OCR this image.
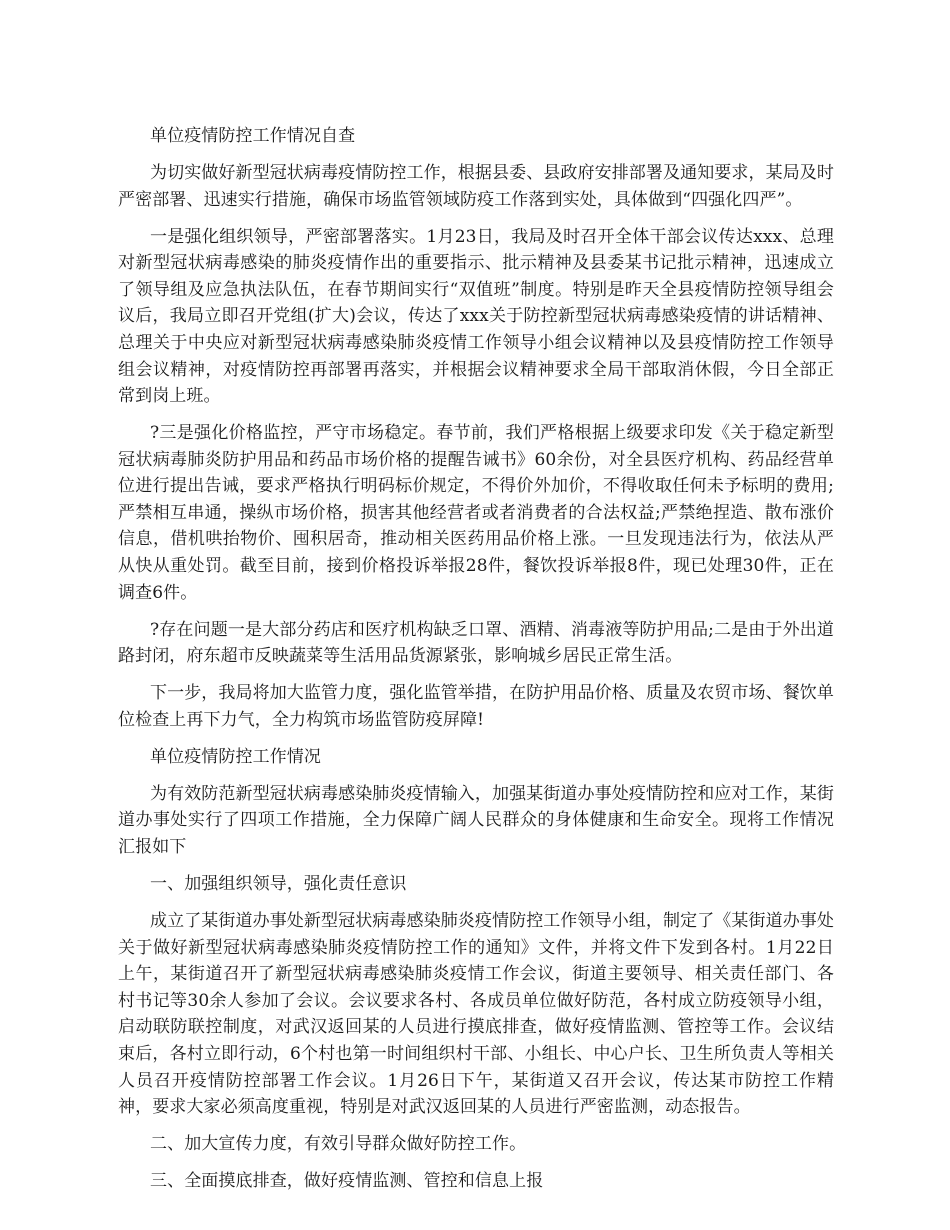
单位疫情防控工作情况自查

为切实做好新型冠状病毒疫情防控工作，根据县委、县政府安排部署及通知要求，某局及时严密部署、迅速实行措施，确保市场监管领域防疫工作落到实处，具体做到“四强化四严”。

一是强化组织领导，严密部署落实。1月23日，我局及时召开全体干部会议传达xxx、总理对新型冠状病毒感染的肺炎疫情作出的重要指示、批示精神及县委某书记批示精神，迅速成立了领导组及应急执法队伍，在春节期间实行“双值班”制度。特别是昨天全县疫情防控领导组会议后，我局立即召开党组(扩大)会议，传达了xxx关于防控新型冠状病毒感染疫情的讲话精神、总理关于中央应对新型冠状病毒感染肺炎疫情工作领导小组会议精神以及县疫情防控工作领导组会议精神，对疫情防控再部署再落实，并根据会议精神要求全局干部取消休假，今日全部正常到岗上班。

?三是强化价格监控，严守市场稳定。春节前，我们严格根据上级要求印发《关于稳定新型冠状病毒肺炎防护用品和药品市场价格的提醒告诫书》60余份，对全县医疗机构、药品经营单位进行提出告诫，要求严格执行明码标价规定，不得价外加价，不得收取任何未予标明的费用;严禁相互串通，操纵市场价格，损害其他经营者或者消费者的合法权益;严禁绝捏造、散布涨价信息，借机哄抬物价、囤积居奇，推动相关医药用品价格上涨。一旦发现违法行为，依法从严从快从重处罚。截至目前，接到价格投诉举报28件，餐饮投诉举报8件，现已处理30件，正在调查6件。

?存在问题一是大部分药店和医疗机构缺乏口罩、酒精、消毒液等防护用品;二是由于外出道路封闭，府东超市反映蔬菜等生活用品货源紧张，影响城乡居民正常生活。

下一步，我局将加大监管力度，强化监管举措，在防护用品价格、质量及农贸市场、餐饮单位检查上再下力气，全力构筑市场监管防疫屏障!

单位疫情防控工作情况

为有效防范新型冠状病毒感染肺炎疫情输入，加强某街道办事处疫情防控和应对工作，某街道办事处实行了四项工作措施，全力保障广阔人民群众的身体健康和生命安全。现将工作情况汇报如下

一、加强组织领导，强化责任意识

成立了某街道办事处新型冠状病毒感染肺炎疫情防控工作领导小组，制定了《某街道办事处关于做好新型冠状病毒感染肺炎疫情防控工作的通知》文件，并将文件下发到各村。1月22日上午，某街道召开了新型冠状病毒感染肺炎疫情工作会议，街道主要领导、相关责任部门、各村书记等30余人参加了会议。会议要求各村、各成员单位做好防范，各村成立防疫领导小组，启动联防联控制度，对武汉返回某的人员进行摸底排查，做好疫情监测、管控等工作。会议结束后，各村立即行动，6个村也第一时间组织村干部、小组长、中心户长、卫生所负责人等相关人员召开疫情防控部署工作会议。1月26日下午，某街道又召开会议，传达某市防控工作精神，要求大家必须高度重视，特别是对武汉返回某的人员进行严密监测，动态报告。

二、加大宣传力度，有效引导群众做好防控工作。

三、全面摸底排查，做好疫情监测、管控和信息上报
